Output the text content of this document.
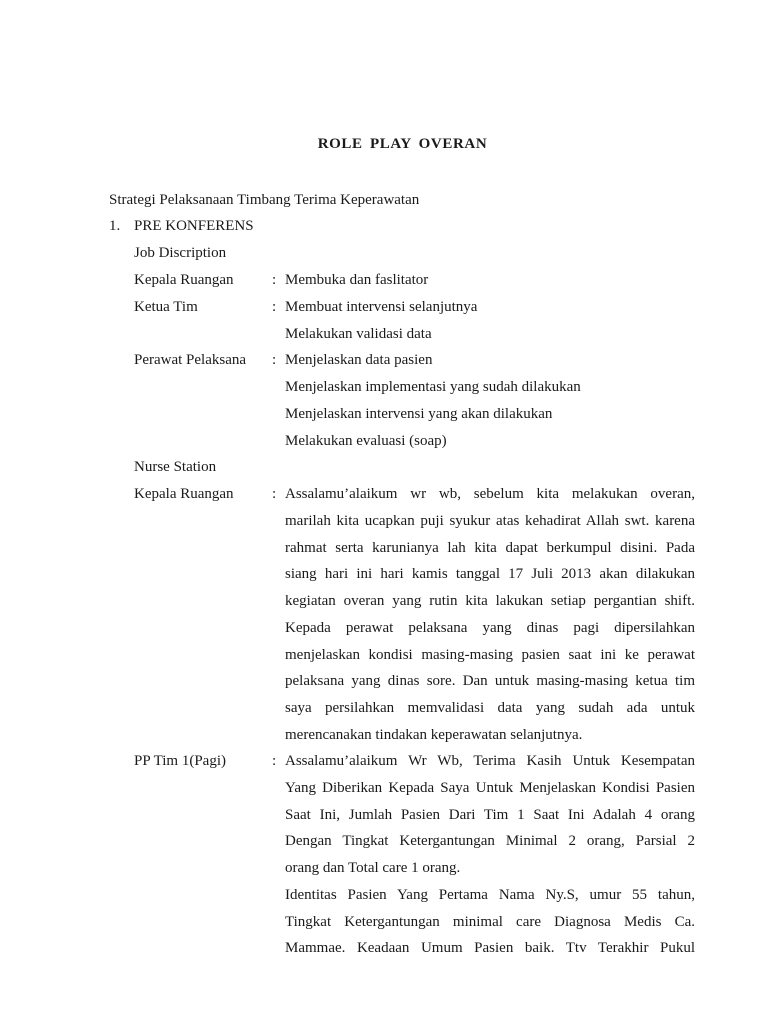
ROLE PLAY OVERAN
Strategi Pelaksanaan Timbang Terima Keperawatan
1. PRE KONFERENS
Job Discription
Kepala Ruangan	: Membuka dan faslitator
Ketua Tim	: Membuat intervensi selanjutnya
Melakukan validasi data
Perawat Pelaksana : Menjelaskan data pasien
Menjelaskan implementasi yang sudah dilakukan
Menjelaskan intervensi yang akan dilakukan
Melakukan evaluasi (soap)
Nurse Station
Kepala Ruangan	: Assalamu’alaikum wr wb, sebelum kita melakukan overan,
marilah kita ucapkan puji syukur atas kehadirat Allah swt. karena
rahmat serta karunianya lah kita dapat berkumpul disini. Pada
siang hari ini hari kamis tanggal 17 Juli 2013 akan dilakukan
kegiatan overan yang rutin kita lakukan setiap pergantian shift.
Kepada perawat pelaksana yang dinas pagi dipersilahkan
menjelaskan kondisi masing-masing pasien saat ini ke perawat
pelaksana yang dinas sore. Dan untuk masing-masing ketua tim
saya persilahkan memvalidasi data yang sudah ada untuk
merencanakan tindakan keperawatan selanjutnya.
PP Tim 1(Pagi)	: Assalamu’alaikum Wr Wb, Terima Kasih Untuk Kesempatan
Yang Diberikan Kepada Saya Untuk Menjelaskan Kondisi Pasien
Saat Ini, Jumlah Pasien Dari Tim 1 Saat Ini Adalah 4 orang
Dengan Tingkat Ketergantungan Minimal 2 orang, Parsial 2
orang dan Total care 1 orang.
Identitas Pasien Yang Pertama Nama Ny.S, umur 55 tahun,
Tingkat Ketergantungan minimal care Diagnosa Medis Ca.
Mammae. Keadaan Umum Pasien baik. Ttv Terakhir Pukul
